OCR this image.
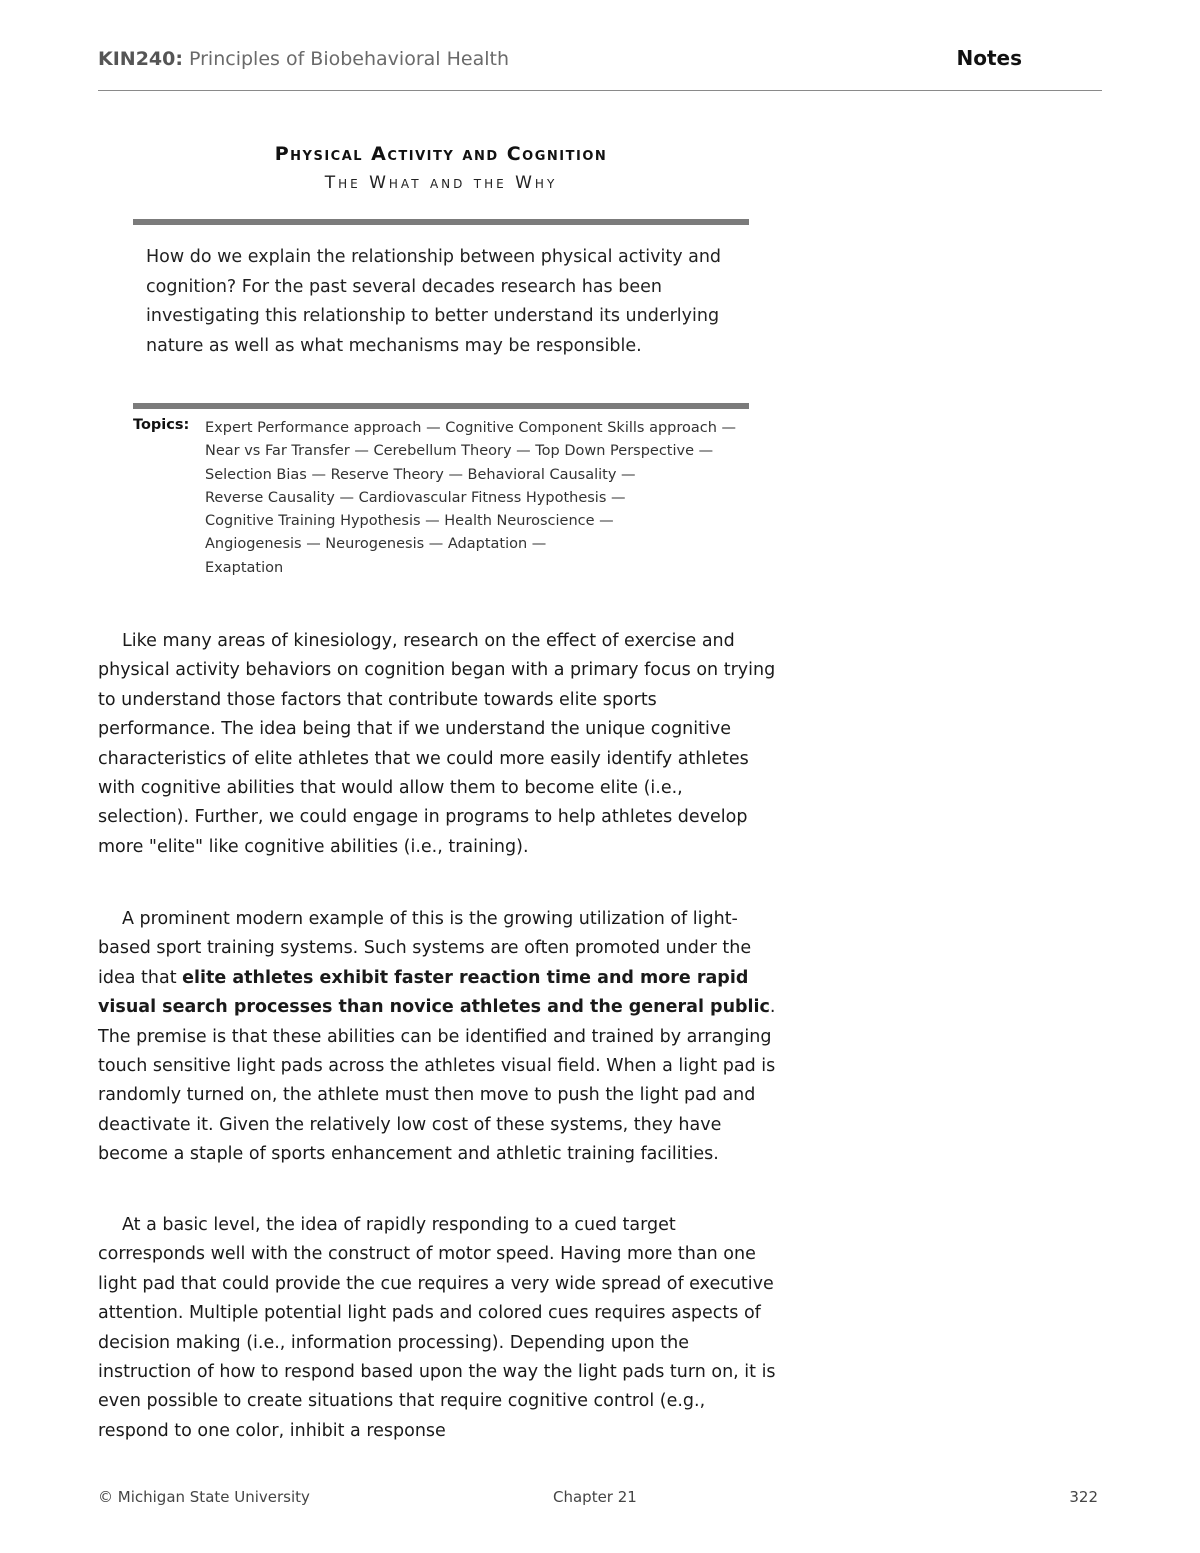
KIN240: Principles of Biobehavioral Health	Notes
Physical Activity and Cognition
The What and the Why
How do we explain the relationship between physical activity and cognition? For the past several decades research has been investigating this relationship to better understand its underlying nature as well as what mechanisms may be responsible.
Topics: Expert Performance approach — Cognitive Component Skills approach —
Near vs Far Transfer — Cerebellum Theory — Top Down Perspective —
Selection Bias — Reserve Theory — Behavioral Causality —
Reverse Causality — Cardiovascular Fitness Hypothesis —
Cognitive Training Hypothesis — Health Neuroscience —
Angiogenesis — Neurogenesis — Adaptation —
Exaptation

Like many areas of kinesiology, research on the effect of exercise and physical activity behaviors on cognition began with a primary focus on trying to understand those factors that contribute towards elite sports performance. The idea being that if we understand the unique cognitive characteristics of elite athletes that we could more easily identify athletes with cognitive abilities that would allow them to become elite (i.e., selection). Further, we could engage in programs to help athletes develop more "elite" like cognitive abilities (i.e., training).

A prominent modern example of this is the growing utilization of light-based sport training systems. Such systems are often promoted under the idea that elite athletes exhibit faster reaction time and more rapid visual search processes than novice athletes and the general public. The premise is that these abilities can be identified and trained by arranging touch sensitive light pads across the athletes visual field. When a light pad is randomly turned on, the athlete must then move to push the light pad and deactivate it. Given the relatively low cost of these systems, they have become a staple of sports enhancement and athletic training facilities.

At a basic level, the idea of rapidly responding to a cued target corresponds well with the construct of motor speed. Having more than one light pad that could provide the cue requires a very wide spread of executive attention. Multiple potential light pads and colored cues requires aspects of decision making (i.e., information processing). Depending upon the instruction of how to respond based upon the way the light pads turn on, it is even possible to create situations that require cognitive control (e.g., respond to one color, inhibit a response

© Michigan State University	Chapter 21	322
